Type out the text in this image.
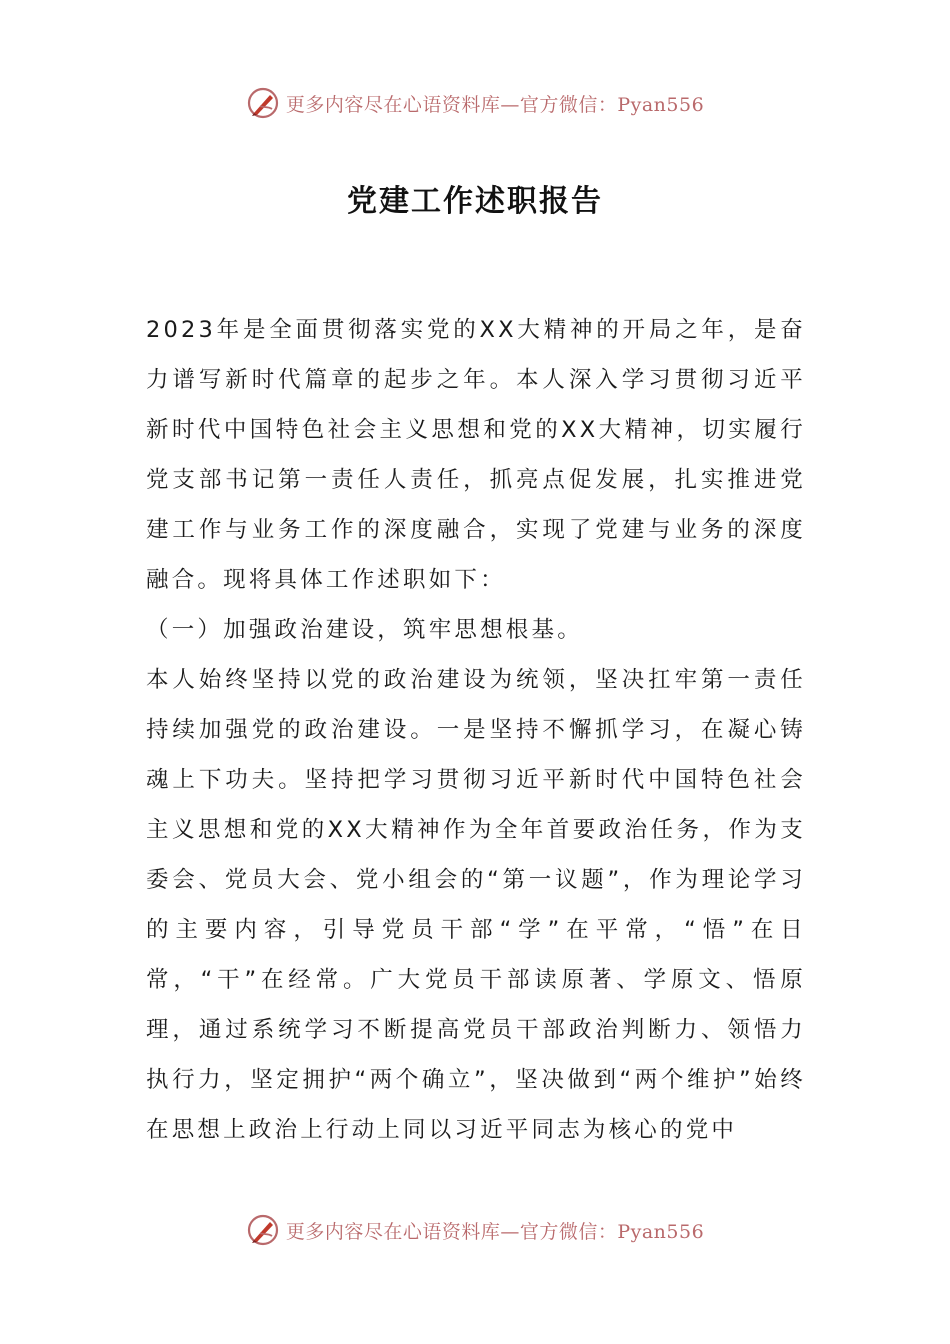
更多内容尽在心语资料库—官方微信：Pyan556
党建工作述职报告

2023年是全面贯彻落实党的XX大精神的开局之年，是奋力谱写新时代篇章的起步之年。本人深入学习贯彻习近平新时代中国特色社会主义思想和党的XX大精神，切实履行党支部书记第一责任人责任，抓亮点促发展，扎实推进党建工作与业务工作的深度融合，实现了党建与业务的深度融合。现将具体工作述职如下：

（一）加强政治建设，筑牢思想根基。

本人始终坚持以党的政治建设为统领，坚决扛牢第一责任持续加强党的政治建设。一是坚持不懈抓学习，在凝心铸魂上下功夫。坚持把学习贯彻习近平新时代中国特色社会主义思想和党的XX大精神作为全年首要政治任务，作为支委会、党员大会、党小组会的“第一议题”，作为理论学习的主要内容，引导党员干部“学”在平常，“悟”在日常，“干”在经常。广大党员干部读原著、学原文、悟原理，通过系统学习不断提高党员干部政治判断力、领悟力执行力，坚定拥护“两个确立”，坚决做到“两个维护”始终在思想上政治上行动上同以习近平同志为核心的党中

更多内容尽在心语资料库—官方微信：Pyan556
